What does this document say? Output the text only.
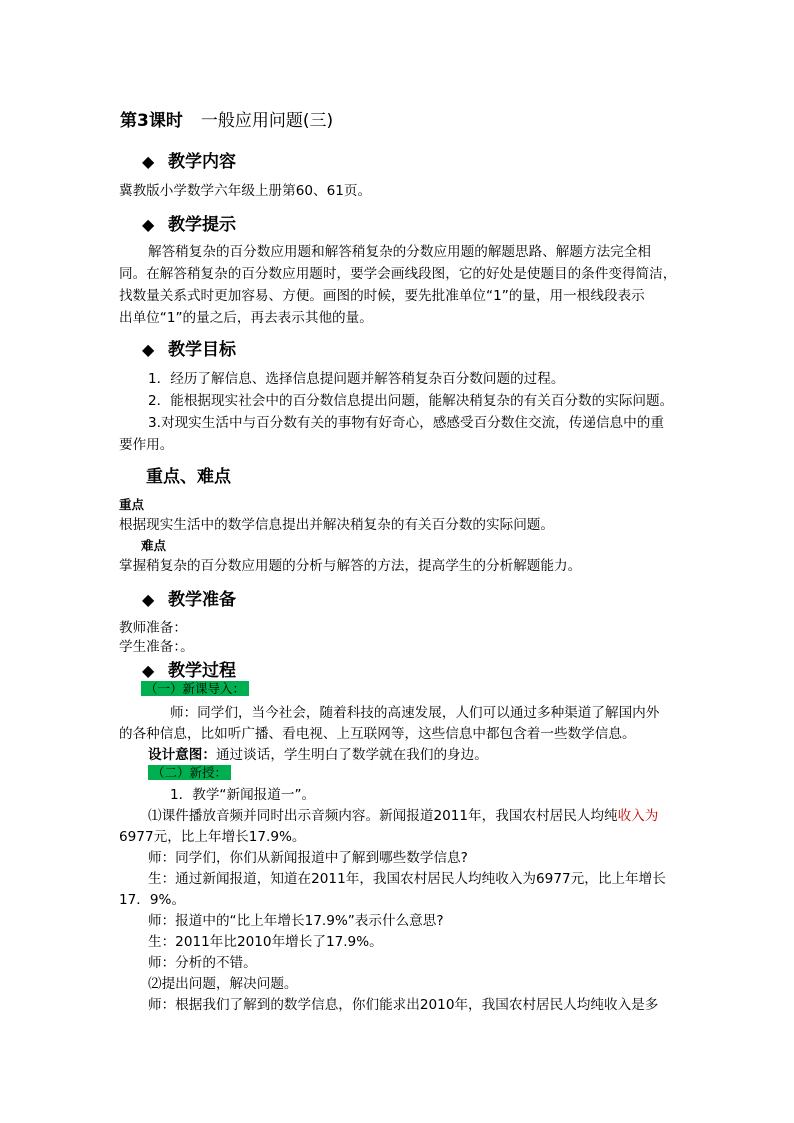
第3课时 一般应用问题(三)
◆ 教学内容
冀教版小学数学六年级上册第60、61页。
◆ 教学提示
解答稍复杂的百分数应用题和解答稍复杂的分数应用题的解题思路、解题方法完全相
同。在解答稍复杂的百分数应用题时，要学会画线段图，它的好处是使题目的条件变得简洁，
找数量关系式时更加容易、方便。画图的时候，要先批准单位“1”的量，用一根线段表示
出单位“1”的量之后，再去表示其他的量。
◆ 教学目标
1．经历了解信息、选择信息提问题并解答稍复杂百分数问题的过程。
2．能根据现实社会中的百分数信息提出问题，能解决稍复杂的有关百分数的实际问题。
3.对现实生活中与百分数有关的事物有好奇心，感感受百分数住交流，传递信息中的重
要作用。
重点、难点
重点
根据现实生活中的数学信息提出并解决稍复杂的有关百分数的实际问题。
难点
掌握稍复杂的百分数应用题的分析与解答的方法，提高学生的分析解题能力。
◆ 教学准备
教师准备：
学生准备：。
◆ 教学过程
（一）新课导入：
师：同学们，当今社会，随着科技的高速发展，人们可以通过多种渠道了解国内外
的各种信息，比如听广播、看电视、上互联网等，这些信息中都包含着一些数学信息。
设计意图：通过谈话，学生明白了数学就在我们的身边。
（二）新授：
1．教学“新闻报道一”。
⑴课件播放音频并同时出示音频内容。新闻报道2011年，我国农村居民人均纯收入为
6977元，比上年增长17.9%。
师：同学们，你们从新闻报道中了解到哪些数学信息?
生：通过新闻报道，知道在2011年，我国农村居民人均纯收入为6977元，比上年增长
17．9%。
师：报道中的“比上年增长17.9%”表示什么意思?
生：2011年比2010年增长了17.9%。
师：分析的不错。
⑵提出问题，解决问题。
师：根据我们了解到的数学信息，你们能求出2010年，我国农村居民人均纯收入是多
